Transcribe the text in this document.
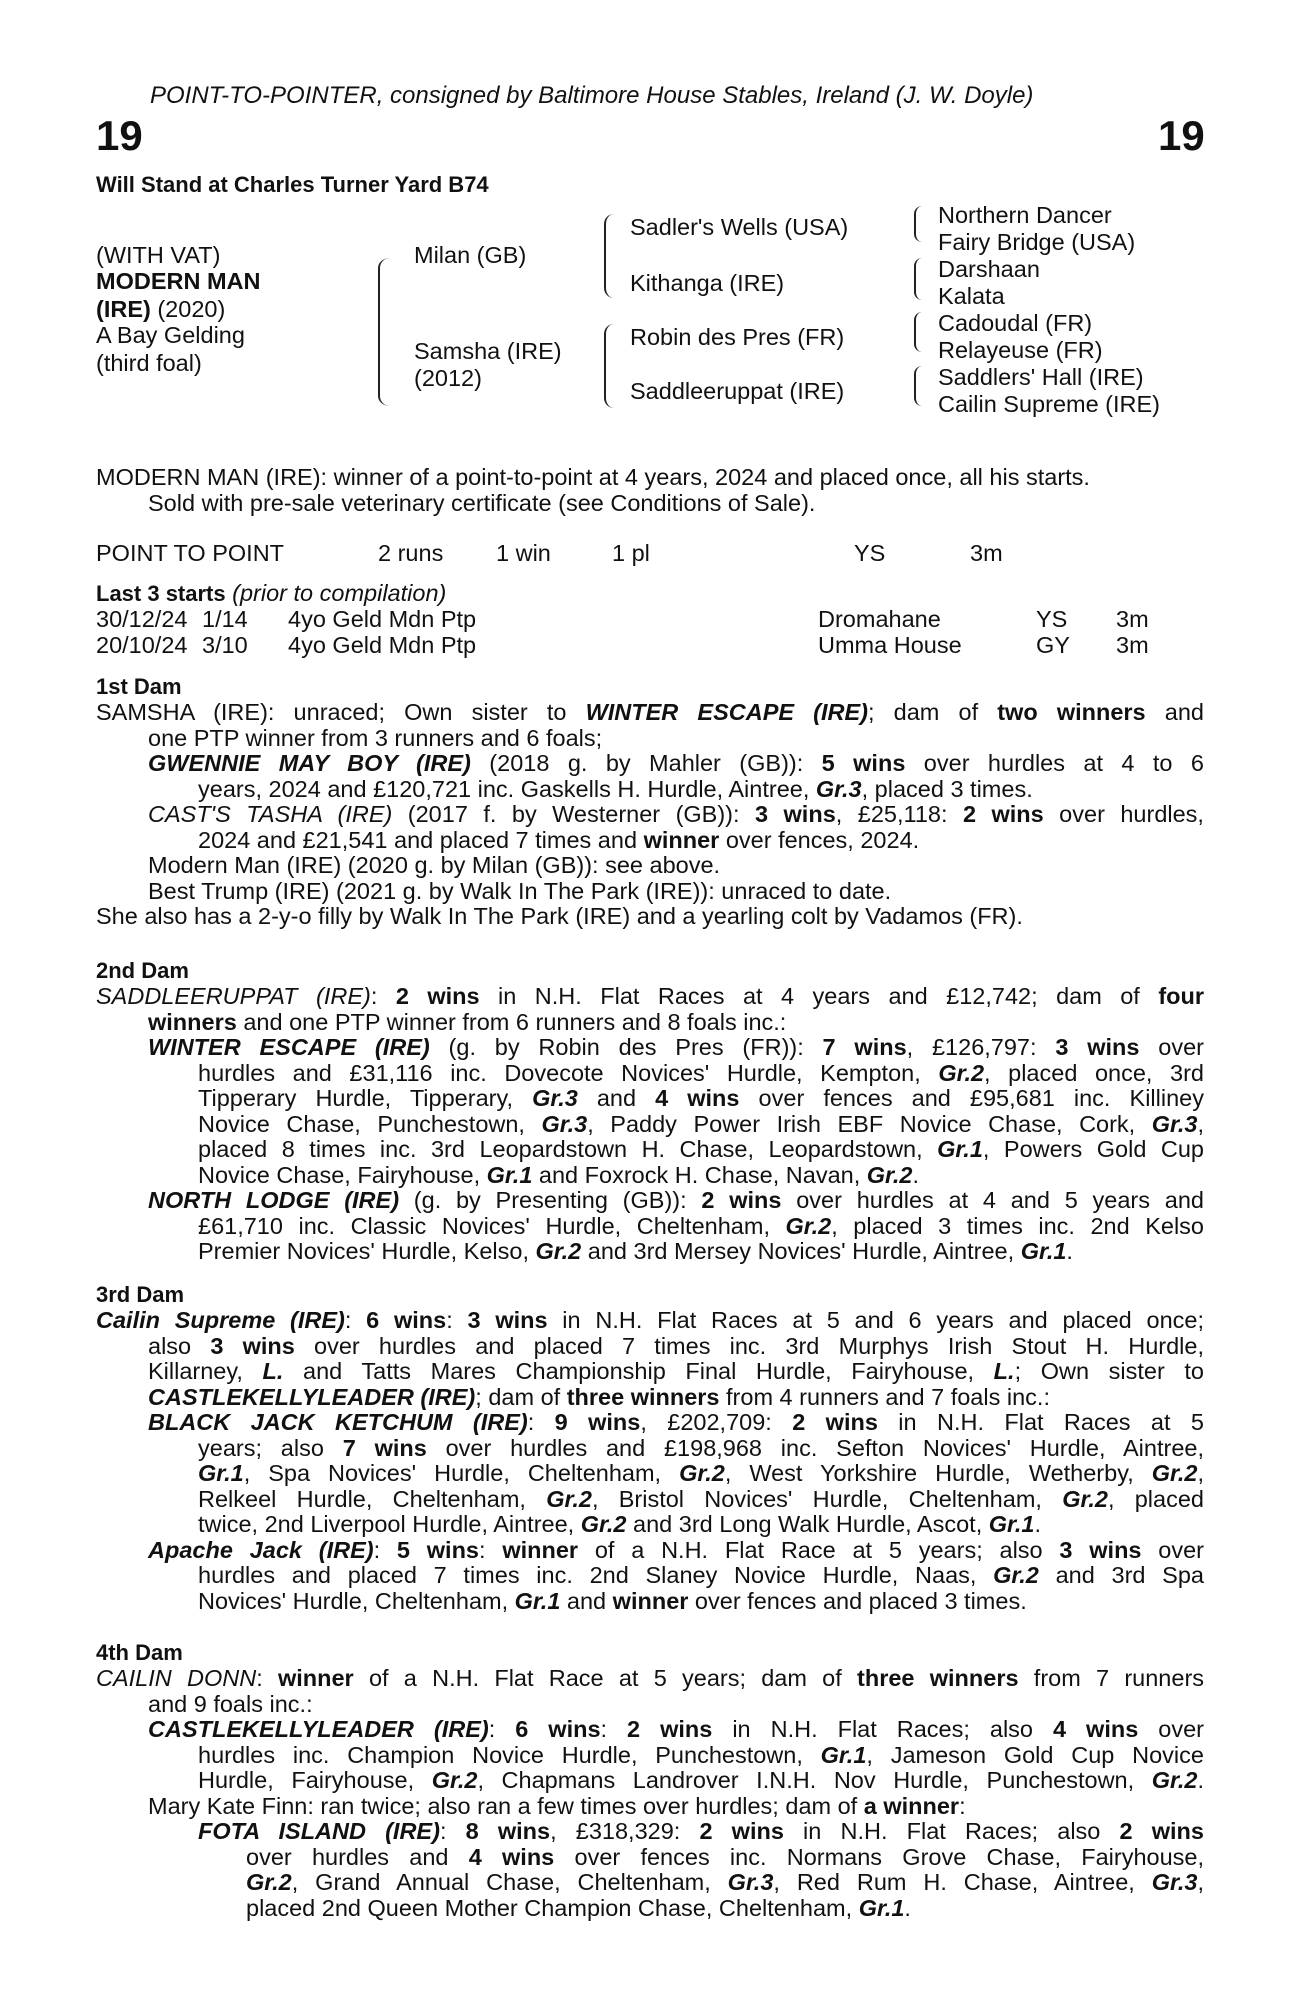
POINT-TO-POINTER, consigned by Baltimore House Stables, Ireland (J. W. Doyle)
19	19
Will Stand at Charles Turner Yard B74
(WITH VAT)
MODERN MAN
(IRE) (2020)
A Bay Gelding
(third foal)
Milan (GB)
Samsha (IRE)
(2012)
Sadler's Wells (USA)
Kithanga (IRE)
Robin des Pres (FR)
Saddleeruppat (IRE)
Northern Dancer
Fairy Bridge (USA)
Darshaan
Kalata
Cadoudal (FR)
Relayeuse (FR)
Saddlers' Hall (IRE)
Cailin Supreme (IRE)
MODERN MAN (IRE): winner of a point-to-point at 4 years, 2024 and placed once, all his starts.
Sold with pre-sale veterinary certificate (see Conditions of Sale).
POINT TO POINT	2 runs 1 win	1 pl	YS	3m
Last 3 starts (prior to compilation)
30/12/24 1/14 4yo Geld Mdn Ptp	Dromahane	YS 3m
20/10/24 3/10 4yo Geld Mdn Ptp	Umma House	GY 3m
1st Dam
SAMSHA (IRE): unraced; Own sister to WINTER ESCAPE (IRE); dam of two winners and
one PTP winner from 3 runners and 6 foals;
GWENNIE MAY BOY (IRE) (2018 g. by Mahler (GB)): 5 wins over hurdles at 4 to 6
years, 2024 and £120,721 inc. Gaskells H. Hurdle, Aintree, Gr.3, placed 3 times.
CAST'S TASHA (IRE) (2017 f. by Westerner (GB)): 3 wins, £25,118: 2 wins over hurdles,
2024 and £21,541 and placed 7 times and winner over fences, 2024.
Modern Man (IRE) (2020 g. by Milan (GB)): see above.
Best Trump (IRE) (2021 g. by Walk In The Park (IRE)): unraced to date.
She also has a 2-y-o filly by Walk In The Park (IRE) and a yearling colt by Vadamos (FR).
2nd Dam
SADDLEERUPPAT (IRE): 2 wins in N.H. Flat Races at 4 years and £12,742; dam of four
winners and one PTP winner from 6 runners and 8 foals inc.:
WINTER ESCAPE (IRE) (g. by Robin des Pres (FR)): 7 wins, £126,797: 3 wins over
hurdles and £31,116 inc. Dovecote Novices' Hurdle, Kempton, Gr.2, placed once, 3rd
Tipperary Hurdle, Tipperary, Gr.3 and 4 wins over fences and £95,681 inc. Killiney
Novice Chase, Punchestown, Gr.3, Paddy Power Irish EBF Novice Chase, Cork, Gr.3,
placed 8 times inc. 3rd Leopardstown H. Chase, Leopardstown, Gr.1, Powers Gold Cup
Novice Chase, Fairyhouse, Gr.1 and Foxrock H. Chase, Navan, Gr.2.
NORTH LODGE (IRE) (g. by Presenting (GB)): 2 wins over hurdles at 4 and 5 years and
£61,710 inc. Classic Novices' Hurdle, Cheltenham, Gr.2, placed 3 times inc. 2nd Kelso
Premier Novices' Hurdle, Kelso, Gr.2 and 3rd Mersey Novices' Hurdle, Aintree, Gr.1.
3rd Dam
Cailin Supreme (IRE): 6 wins: 3 wins in N.H. Flat Races at 5 and 6 years and placed once;
also 3 wins over hurdles and placed 7 times inc. 3rd Murphys Irish Stout H. Hurdle,
Killarney, L. and Tatts Mares Championship Final Hurdle, Fairyhouse, L.; Own sister to
CASTLEKELLYLEADER (IRE); dam of three winners from 4 runners and 7 foals inc.:
BLACK JACK KETCHUM (IRE): 9 wins, £202,709: 2 wins in N.H. Flat Races at 5
years; also 7 wins over hurdles and £198,968 inc. Sefton Novices' Hurdle, Aintree,
Gr.1, Spa Novices' Hurdle, Cheltenham, Gr.2, West Yorkshire Hurdle, Wetherby, Gr.2,
Relkeel Hurdle, Cheltenham, Gr.2, Bristol Novices' Hurdle, Cheltenham, Gr.2, placed
twice, 2nd Liverpool Hurdle, Aintree, Gr.2 and 3rd Long Walk Hurdle, Ascot, Gr.1.
Apache Jack (IRE): 5 wins: winner of a N.H. Flat Race at 5 years; also 3 wins over
hurdles and placed 7 times inc. 2nd Slaney Novice Hurdle, Naas, Gr.2 and 3rd Spa
Novices' Hurdle, Cheltenham, Gr.1 and winner over fences and placed 3 times.
4th Dam
CAILIN DONN: winner of a N.H. Flat Race at 5 years; dam of three winners from 7 runners
and 9 foals inc.:
CASTLEKELLYLEADER (IRE): 6 wins: 2 wins in N.H. Flat Races; also 4 wins over
hurdles inc. Champion Novice Hurdle, Punchestown, Gr.1, Jameson Gold Cup Novice
Hurdle, Fairyhouse, Gr.2, Chapmans Landrover I.N.H. Nov Hurdle, Punchestown, Gr.2.
Mary Kate Finn: ran twice; also ran a few times over hurdles; dam of a winner:
FOTA ISLAND (IRE): 8 wins, £318,329: 2 wins in N.H. Flat Races; also 2 wins
over hurdles and 4 wins over fences inc. Normans Grove Chase, Fairyhouse,
Gr.2, Grand Annual Chase, Cheltenham, Gr.3, Red Rum H. Chase, Aintree, Gr.3,
placed 2nd Queen Mother Champion Chase, Cheltenham, Gr.1.
